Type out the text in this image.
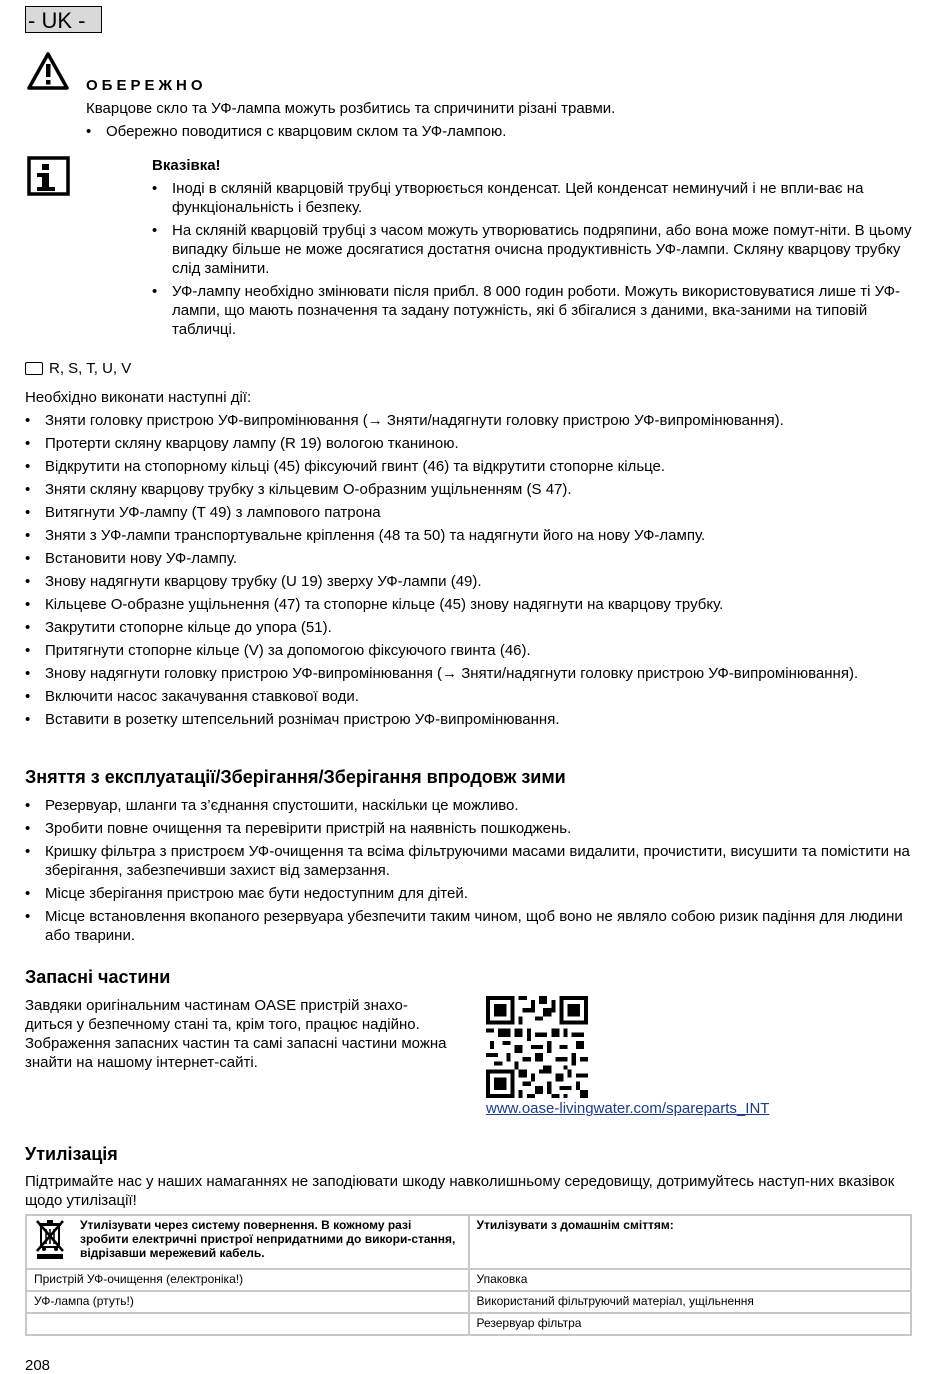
- UK -
ОБЕРЕЖНО
Кварцове скло та УФ-лампа можуть розбитись та спричинити різані травми.
• Обережно поводитися с кварцовим склом та УФ-лампою.
Вказівка!
• Іноді в скляній кварцовій трубці утворюється конденсат. Цей конденсат неминучий і не впли-ває на функціональність і безпеку.
• На скляній кварцовій трубці з часом можуть утворюватись подряпини, або вона може помут-ніти. В цьому випадку більше не може досягатися достатня очисна продуктивність УФ-лампи. Скляну кварцову трубку слід замінити.
• УФ-лампу необхідно змінювати після прибл. 8 000 годин роботи. Можуть використовуватися лише ті УФ-лампи, що мають позначення та задану потужність, які б збігалися з даними, вка-заними на типовій табличці.
R, S, T, U, V
Необхідно виконати наступні дії:
• Зняти головку пристрою УФ-випромінювання (→ Зняти/надягнути головку пристрою УФ-випромінювання).
• Протерти скляну кварцову лампу (R 19) вологою тканиною.
• Відкрутити на стопорному кільці (45) фіксуючий гвинт (46) та відкрутити стопорне кільце.
• Зняти скляну кварцову трубку з кільцевим О-образним ущільненням (S 47).
• Витягнути УФ-лампу (T 49) з лампового патрона
• Зняти з УФ-лампи транспортувальне кріплення (48 та 50) та надягнути його на нову УФ-лампу.
• Встановити нову УФ-лампу.
• Знову надягнути кварцову трубку (U 19) зверху УФ-лампи (49).
• Кільцеве О-образне ущільнення (47) та стопорне кільце (45) знову надягнути на кварцову трубку.
• Закрутити стопорне кільце до упора (51).
• Притягнути стопорне кільце (V) за допомогою фіксуючого гвинта (46).
• Знову надягнути головку пристрою УФ-випромінювання (→ Зняти/надягнути головку пристрою УФ-випромінювання).
• Включити насос закачування ставкової води.
• Вставити в розетку штепсельний рознімач пристрою УФ-випромінювання.
Зняття з експлуатації/Зберігання/Зберігання впродовж зими
• Резервуар, шланги та з’єднання спустошити, наскільки це можливо.
• Зробити повне очищення та перевірити пристрій на наявність пошкоджень.
• Кришку фільтра з пристроєм УФ-очищення та всіма фільтруючими масами видалити, прочистити, висушити та помістити на зберігання, забезпечивши захист від замерзання.
• Місце зберігання пристрою має бути недоступним для дітей.
• Місце встановлення вкопаного резервуара убезпечити таким чином, щоб воно не являло собою ризик падіння для людини або тварини.
Запасні частини
Завдяки оригінальним частинам OASE пристрій знахо-диться у безпечному стані та, крім того, працює надійно.
Зображення запасних частин та самі запасні частини можна знайти на нашому інтернет-сайті.
www.oase-livingwater.com/spareparts_INT
Утилізація
Підтримайте нас у наших намаганнях не заподіювати шкоду навколишньому середовищу, дотримуйтесь наступ-них вказівок щодо утилізації!
Утилізувати через систему повернення. В кожному разі зробити електричні пристрої непридатними до викори-стання, відрізавши мережевий кабель.	Утилізувати з домашнім сміттям:
Пристрій УФ-очищення (електроніка!)	Упаковка
УФ-лампа (ртуть!)	Використаний фільтруючий матеріал, ущільнення
	Резервуар фільтра
208
